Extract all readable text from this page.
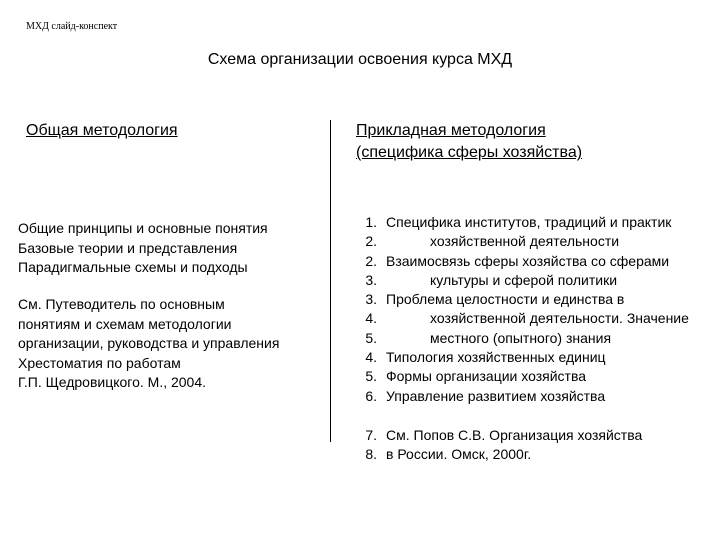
МХД слайд-конспект
Схема организации освоения курса МХД
Общая методология	Прикладная методология
(специфика сферы хозяйства)
Общие принципы и основные понятия
Базовые теории и представления
Парадигмальные схемы и подходы
См. Путеводитель по основным
понятиям и схемам методологии
организации, руководства и управления
Хрестоматия по работам
Г.П. Щедровицкого. М., 2004.
1. Специфика институтов, традиций и практик
2.	хозяйственной деятельности
2. Взаимосвязь сферы хозяйства со сферами
3.	культуры и сферой политики
3. Проблема целостности и единства в
4.	хозяйственной деятельности. Значение
5.	местного (опытного) знания
4. Типология хозяйственных единиц
5. Формы организации хозяйства
6. Управление развитием хозяйства
7. См. Попов С.В. Организация хозяйства
8. в России. Омск, 2000г.
